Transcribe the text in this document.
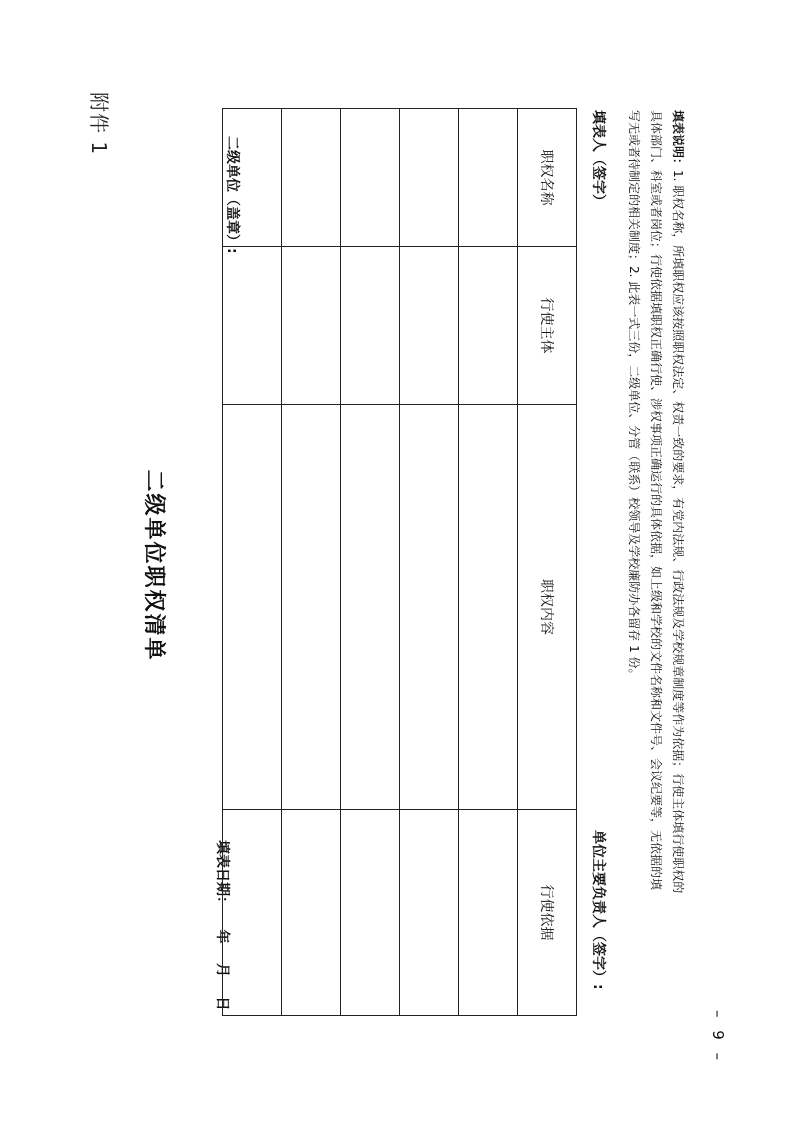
附件 1
二级单位职权清单
二级单位（盖章）:
填表日期：    年    月    日
职权名称	行使主体	职权内容	行使依据

填表人（签字）
单位主要负责人（签字）:
填表说明：1. 职权名称，所填职权应该按照职权法定、权责一致的要求，有党内法规、行政法规及学校规章制度等作为依据；行使主体填行使职权的
具体部门、科室或者岗位；行使依据填职权正确行使、涉权事项正确运行的具体依据，如上级和学校的文件名称和文件号、会议纪要等，无依据的填
写无或者待制定的相关制度；2. 此表一式三份，二级单位、分管（联系）校领导及学校廉防办各留存 1 份。
– 9 –
